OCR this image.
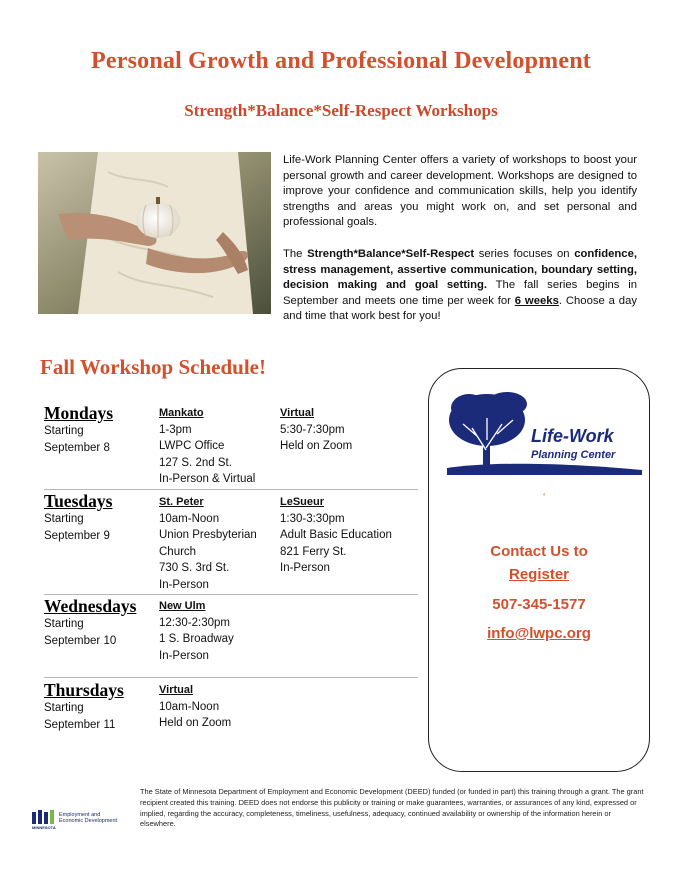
Personal Growth and Professional Development
Strength*Balance*Self-Respect Workshops

Life-Work Planning Center offers a variety of workshops to boost your personal growth and career development. Workshops are designed to improve your confidence and communication skills, help you identify strengths and areas you might work on, and set personal and professional goals.

The Strength*Balance*Self-Respect series focuses on confidence, stress management, assertive communication, boundary setting, decision making and goal setting. The fall series begins in September and meets one time per week for 6 weeks. Choose a day and time that work best for you!

Fall Workshop Schedule!
Mondays
Starting
September 8
Mankato
1-3pm
LWPC Office
127 S. 2nd St.
In-Person & Virtual
Virtual
5:30-7:30pm
Held on Zoom
Tuesdays
Starting
September 9
St. Peter
10am-Noon
Union Presbyterian
Church
730 S. 3rd St.
In-Person
LeSueur
1:30-3:30pm
Adult Basic Education
821 Ferry St.
In-Person
Wednesdays
Starting
September 10
New Ulm
12:30-2:30pm
1 S. Broadway
In-Person
Thursdays
Starting
September 11
Virtual
10am-Noon
Held on Zoom
Life-Work
Planning Center
‘
Contact Us to
Register
507-345-1577
info@lwpc.org
Employment and
Economic Development
MINNESOTA
The State of Minnesota Department of Employment and Economic Development (DEED) funded (or funded in part) this training through a grant. The grant recipient created this training. DEED does not endorse this publicity or training or make guarantees, warranties, or assurances of any kind, expressed or implied, regarding the accuracy, completeness, timeliness, usefulness, adequacy, continued availability or ownership of the information herein or elsewhere.
